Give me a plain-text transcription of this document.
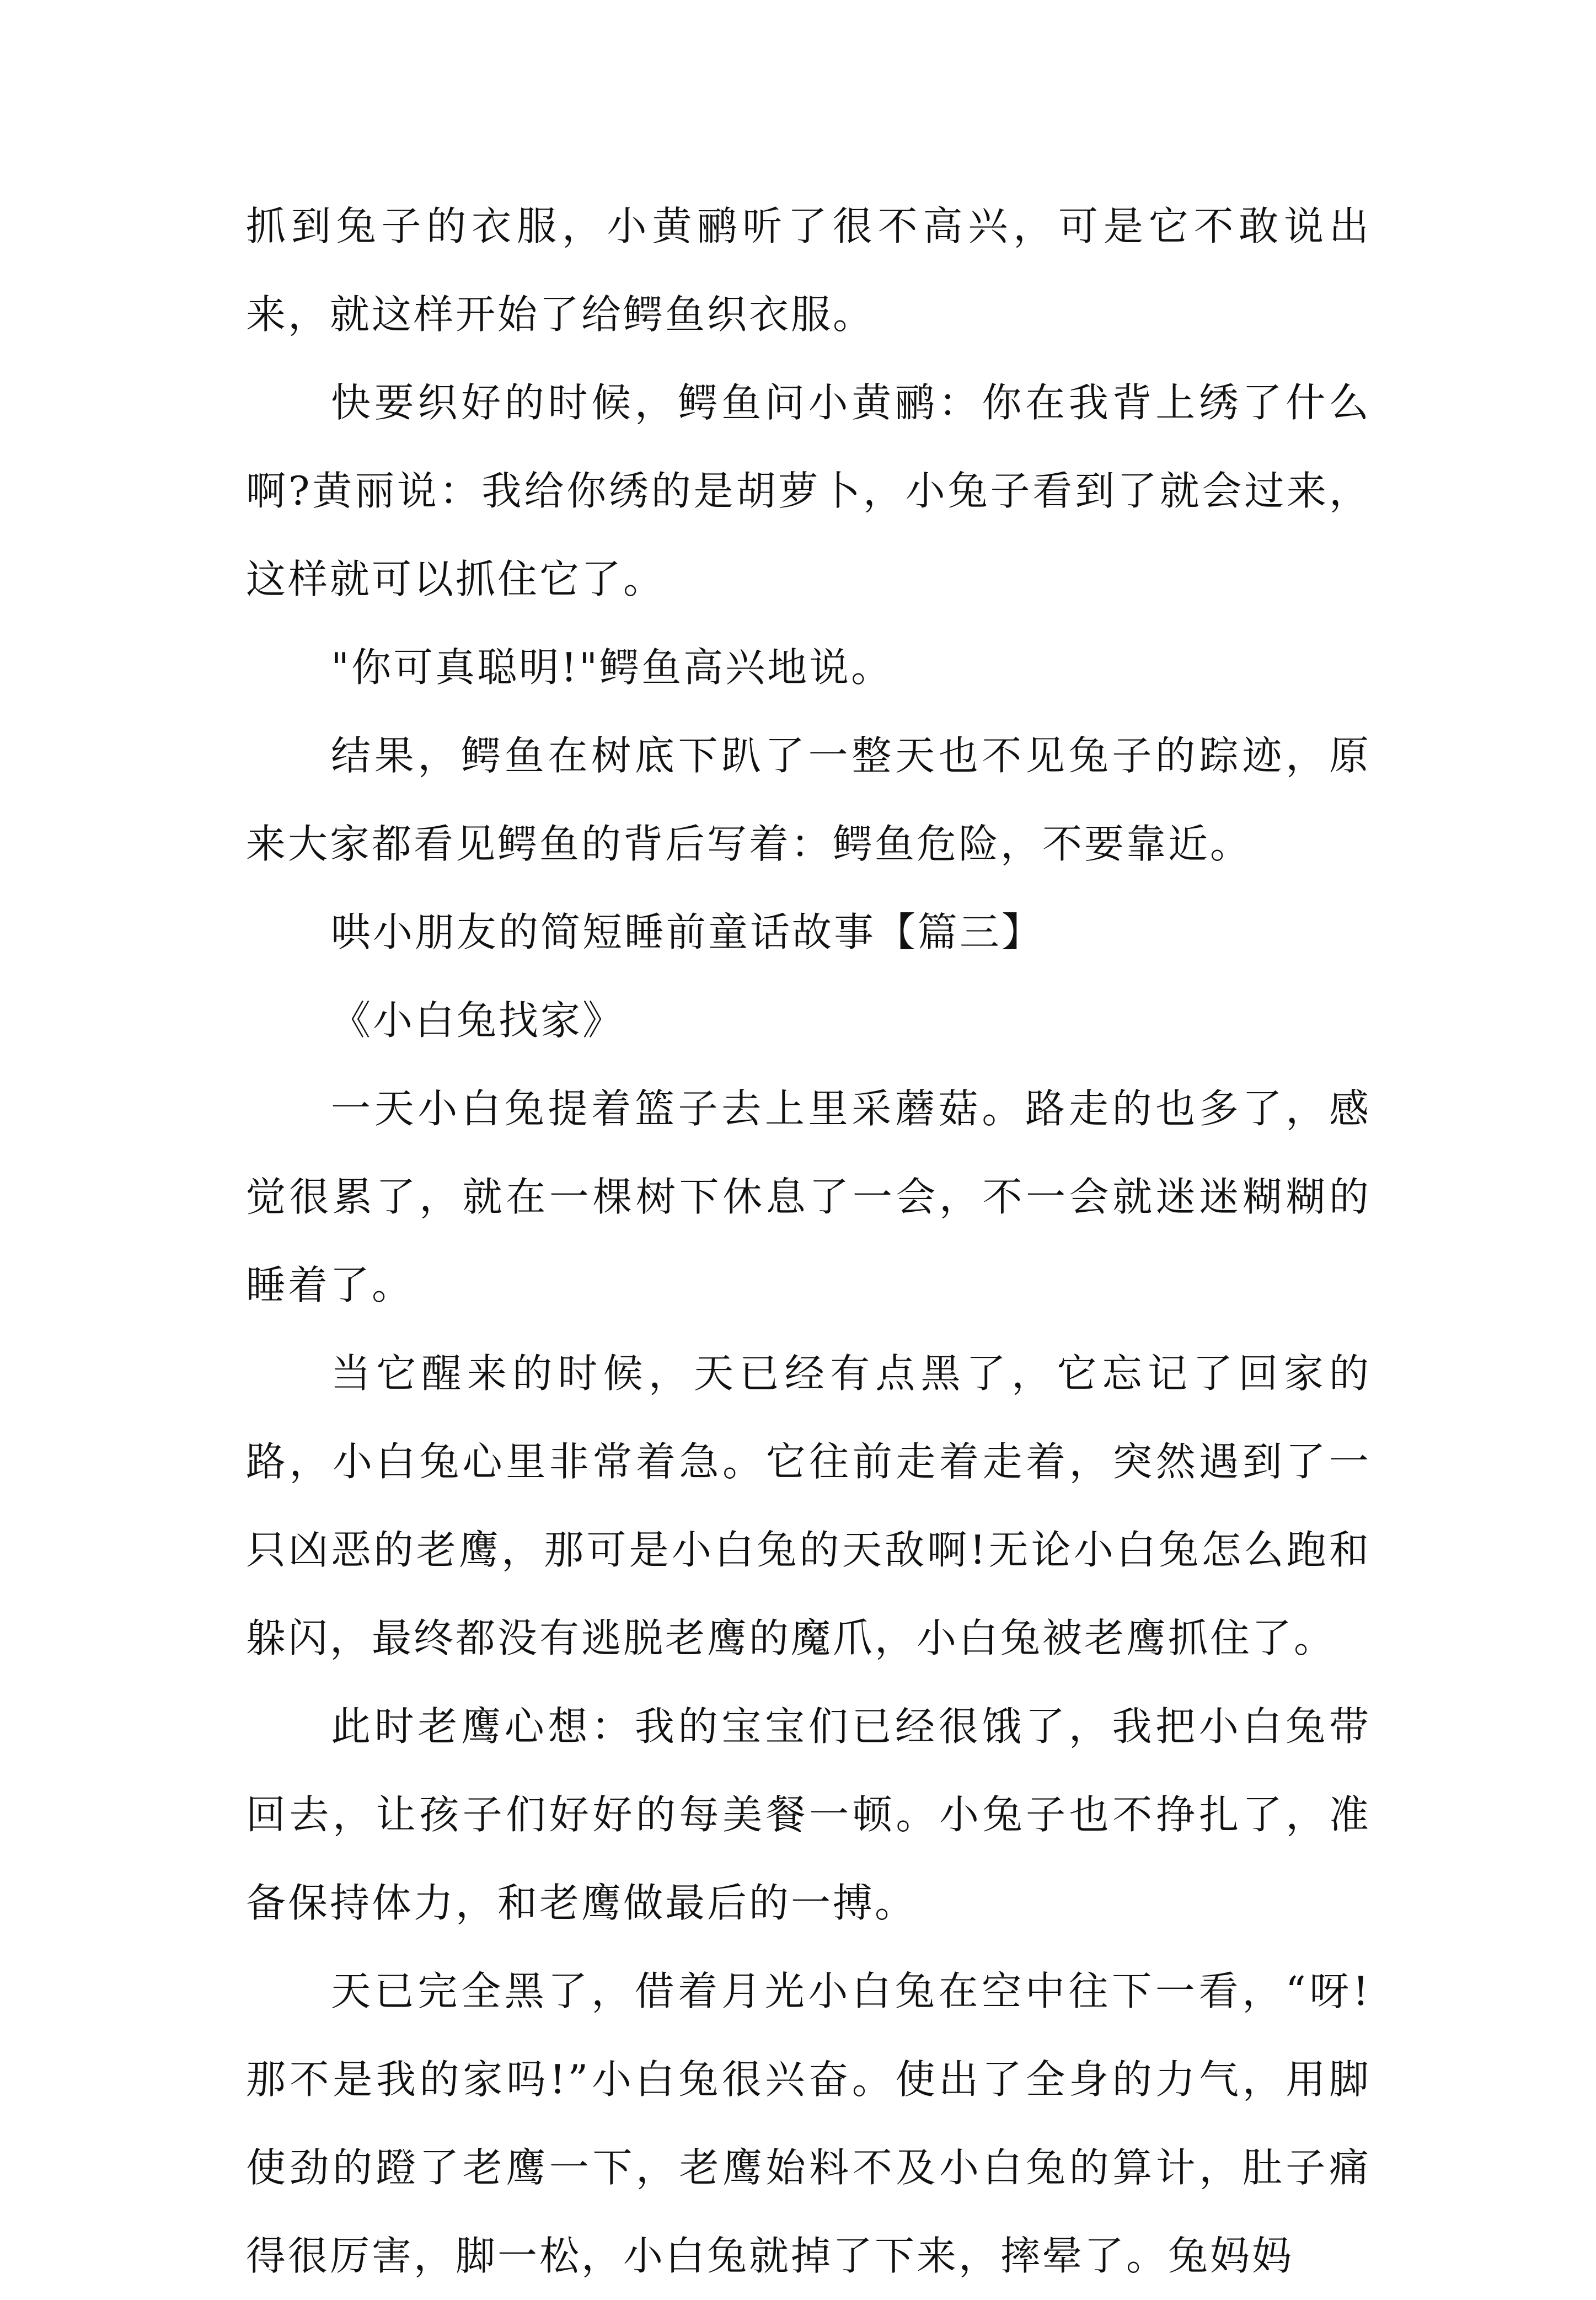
抓到兔子的衣服，小黄鹂听了很不高兴，可是它不敢说出来，就这样开始了给鳄鱼织衣服。

快要织好的时候，鳄鱼问小黄鹂：你在我背上绣了什么啊?黄丽说：我给你绣的是胡萝卜，小兔子看到了就会过来，这样就可以抓住它了。

"你可真聪明!"鳄鱼高兴地说。

结果，鳄鱼在树底下趴了一整天也不见兔子的踪迹，原来大家都看见鳄鱼的背后写着：鳄鱼危险，不要靠近。

哄小朋友的简短睡前童话故事【篇三】

《小白兔找家》

一天小白兔提着篮子去上里采蘑菇。路走的也多了，感觉很累了，就在一棵树下休息了一会，不一会就迷迷糊糊的睡着了。

当它醒来的时候，天已经有点黑了，它忘记了回家的路，小白兔心里非常着急。它往前走着走着，突然遇到了一只凶恶的老鹰，那可是小白兔的天敌啊!无论小白兔怎么跑和躲闪，最终都没有逃脱老鹰的魔爪，小白兔被老鹰抓住了。

此时老鹰心想：我的宝宝们已经很饿了，我把小白兔带回去，让孩子们好好的每美餐一顿。小兔子也不挣扎了，准备保持体力，和老鹰做最后的一搏。

天已完全黑了，借着月光小白兔在空中往下一看，“呀!那不是我的家吗!”小白兔很兴奋。使出了全身的力气，用脚使劲的蹬了老鹰一下，老鹰始料不及小白兔的算计，肚子痛得很厉害，脚一松，小白兔就掉了下来，摔晕了。兔妈妈
